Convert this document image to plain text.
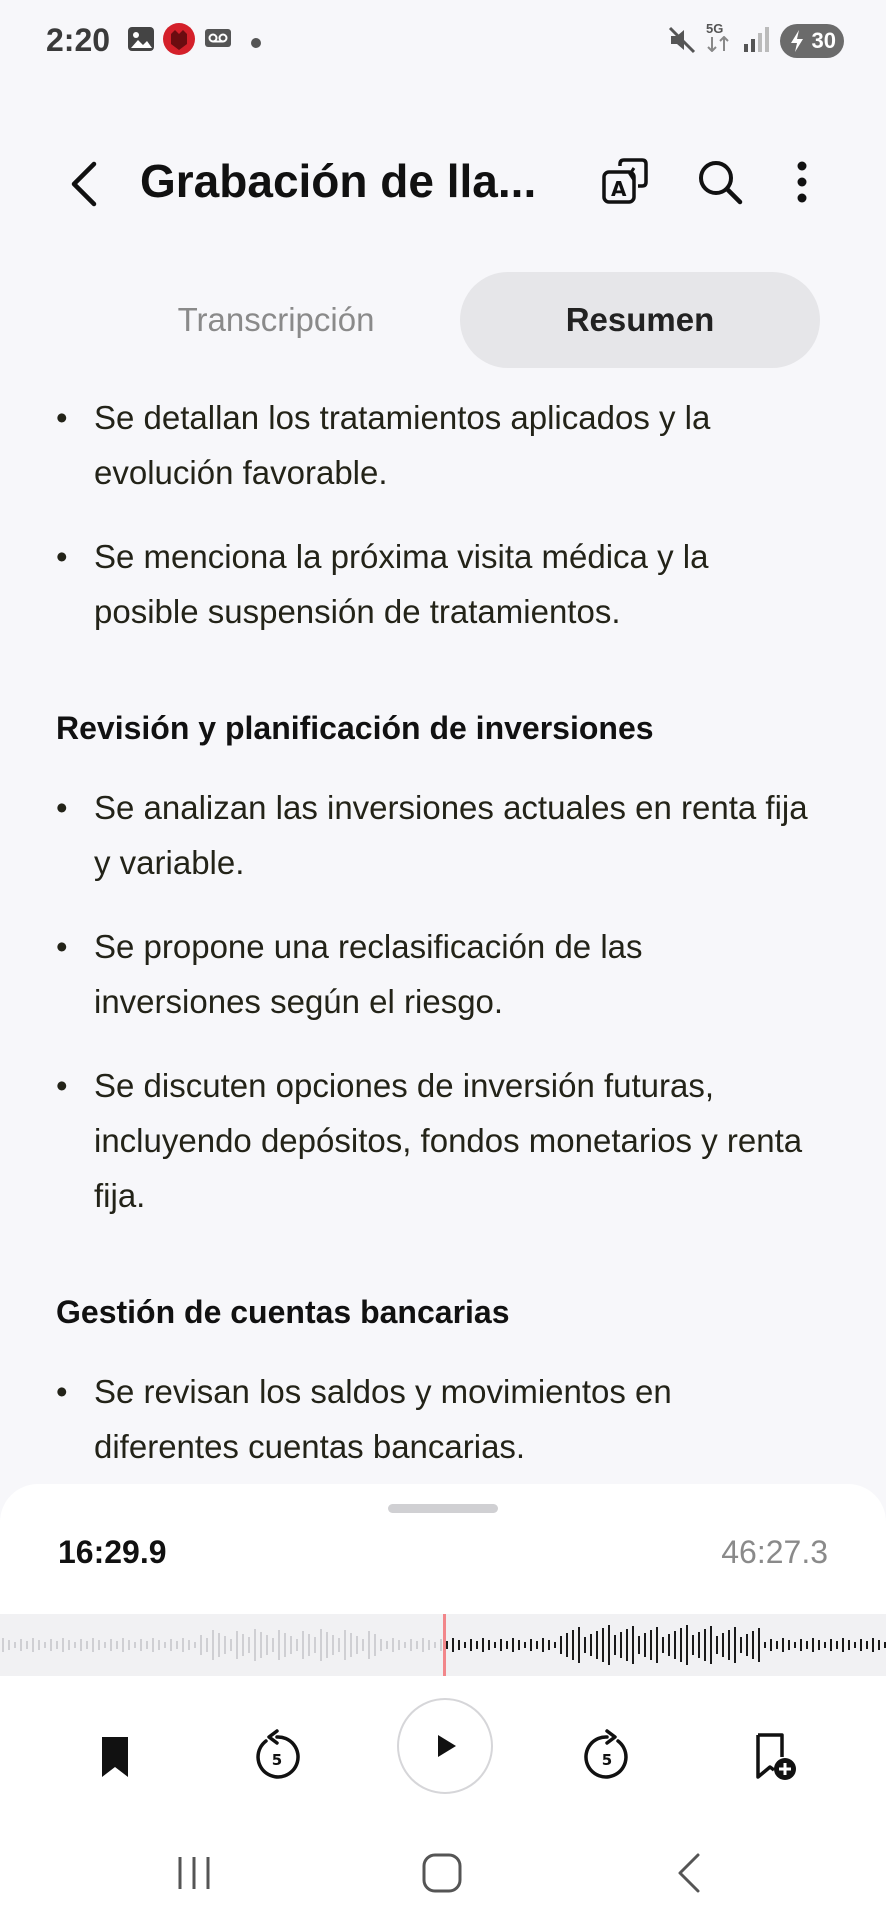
2:20	5G	30
Grabación de lla...	A
Transcripción	Resumen
• Se detallan los tratamientos aplicados y la evolución favorable.
• Se menciona la próxima visita médica y la posible suspensión de tratamientos.
Revisión y planificación de inversiones
• Se analizan las inversiones actuales en renta fija y variable.
• Se propone una reclasificación de las inversiones según el riesgo.
• Se discuten opciones de inversión futuras, incluyendo depósitos, fondos monetarios y renta fija.
Gestión de cuentas bancarias
• Se revisan los saldos y movimientos en diferentes cuentas bancarias.
16:29.9	46:27.3
5	5
